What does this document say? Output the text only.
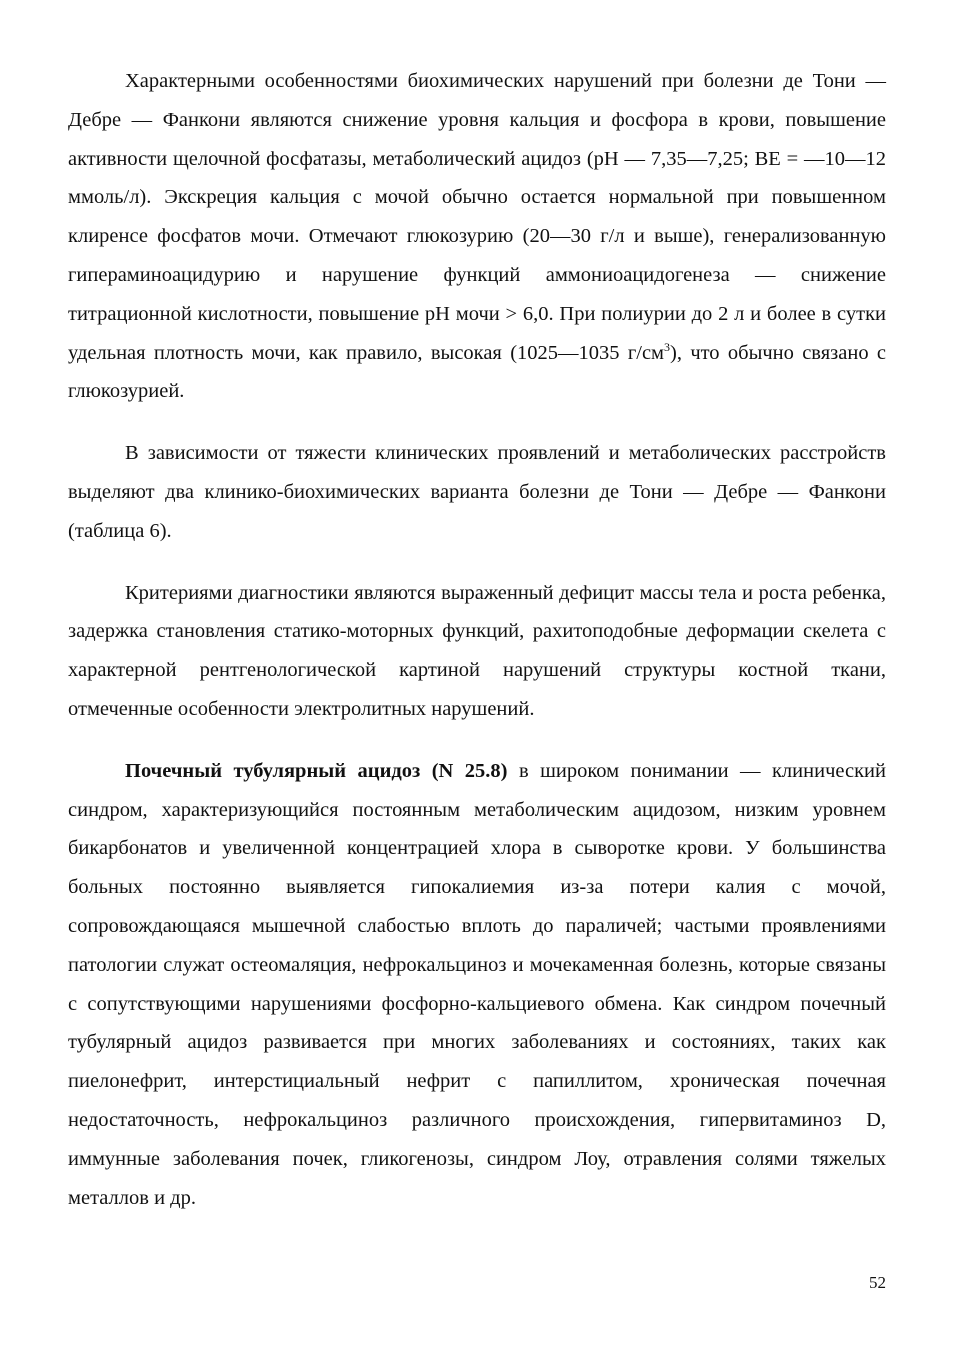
Характерными особенностями биохимических нарушений при болезни де Тони — Дебре — Фанкони являются снижение уровня кальция и фосфора в крови, повышение активности щелочной фосфатазы, метаболический ацидоз (pH — 7,35—7,25; BE = —10—12 ммоль/л). Экскреция кальция с мочой обычно остается нормальной при повышенном клиренсе фосфатов мочи. Отмечают глюкозурию (20—30 г/л и выше), генерализованную гипераминоацидурию и нарушение функций аммониоацидогенеза — снижение титрационной кислотности, повышение pH мочи > 6,0. При полиурии до 2 л и более в сутки удельная плотность мочи, как правило, высокая (1025—1035 $г/см^3$), что обычно связано с глюкозурией.

В зависимости от тяжести клинических проявлений и метаболических расстройств выделяют два клинико-биохимических варианта болезни де Тони — Дебре — Фанкони (таблица 6).

Критериями диагностики являются выраженный дефицит массы тела и роста ребенка, задержка становления статико-моторных функций, рахитоподобные деформации скелета с характерной рентгенологической картиной нарушений структуры костной ткани, отмеченные особенности электролитных нарушений.

Почечный тубулярный ацидоз (N 25.8) в широком понимании — клинический синдром, характеризующийся постоянным метаболическим ацидозом, низким уровнем бикарбонатов и увеличенной концентрацией хлора в сыворотке крови. У большинства больных постоянно выявляется гипокалиемия из-за потери калия с мочой, сопровождающаяся мышечной слабостью вплоть до параличей; частыми проявлениями патологии служат остеомаляция, нефрокальциноз и мочекаменная болезнь, которые связаны с сопутствующими нарушениями фосфорно-кальциевого обмена. Как синдром почечный тубулярный ацидоз развивается при многих заболеваниях и состояниях, таких как пиелонефрит, интерстициальный нефрит с папиллитом, хроническая почечная недостаточность, нефрокальциноз различного происхождения, гипервитаминоз D, иммунные заболевания почек, гликогенозы, синдром Лоу, отравления солями тяжелых металлов и др.

52
